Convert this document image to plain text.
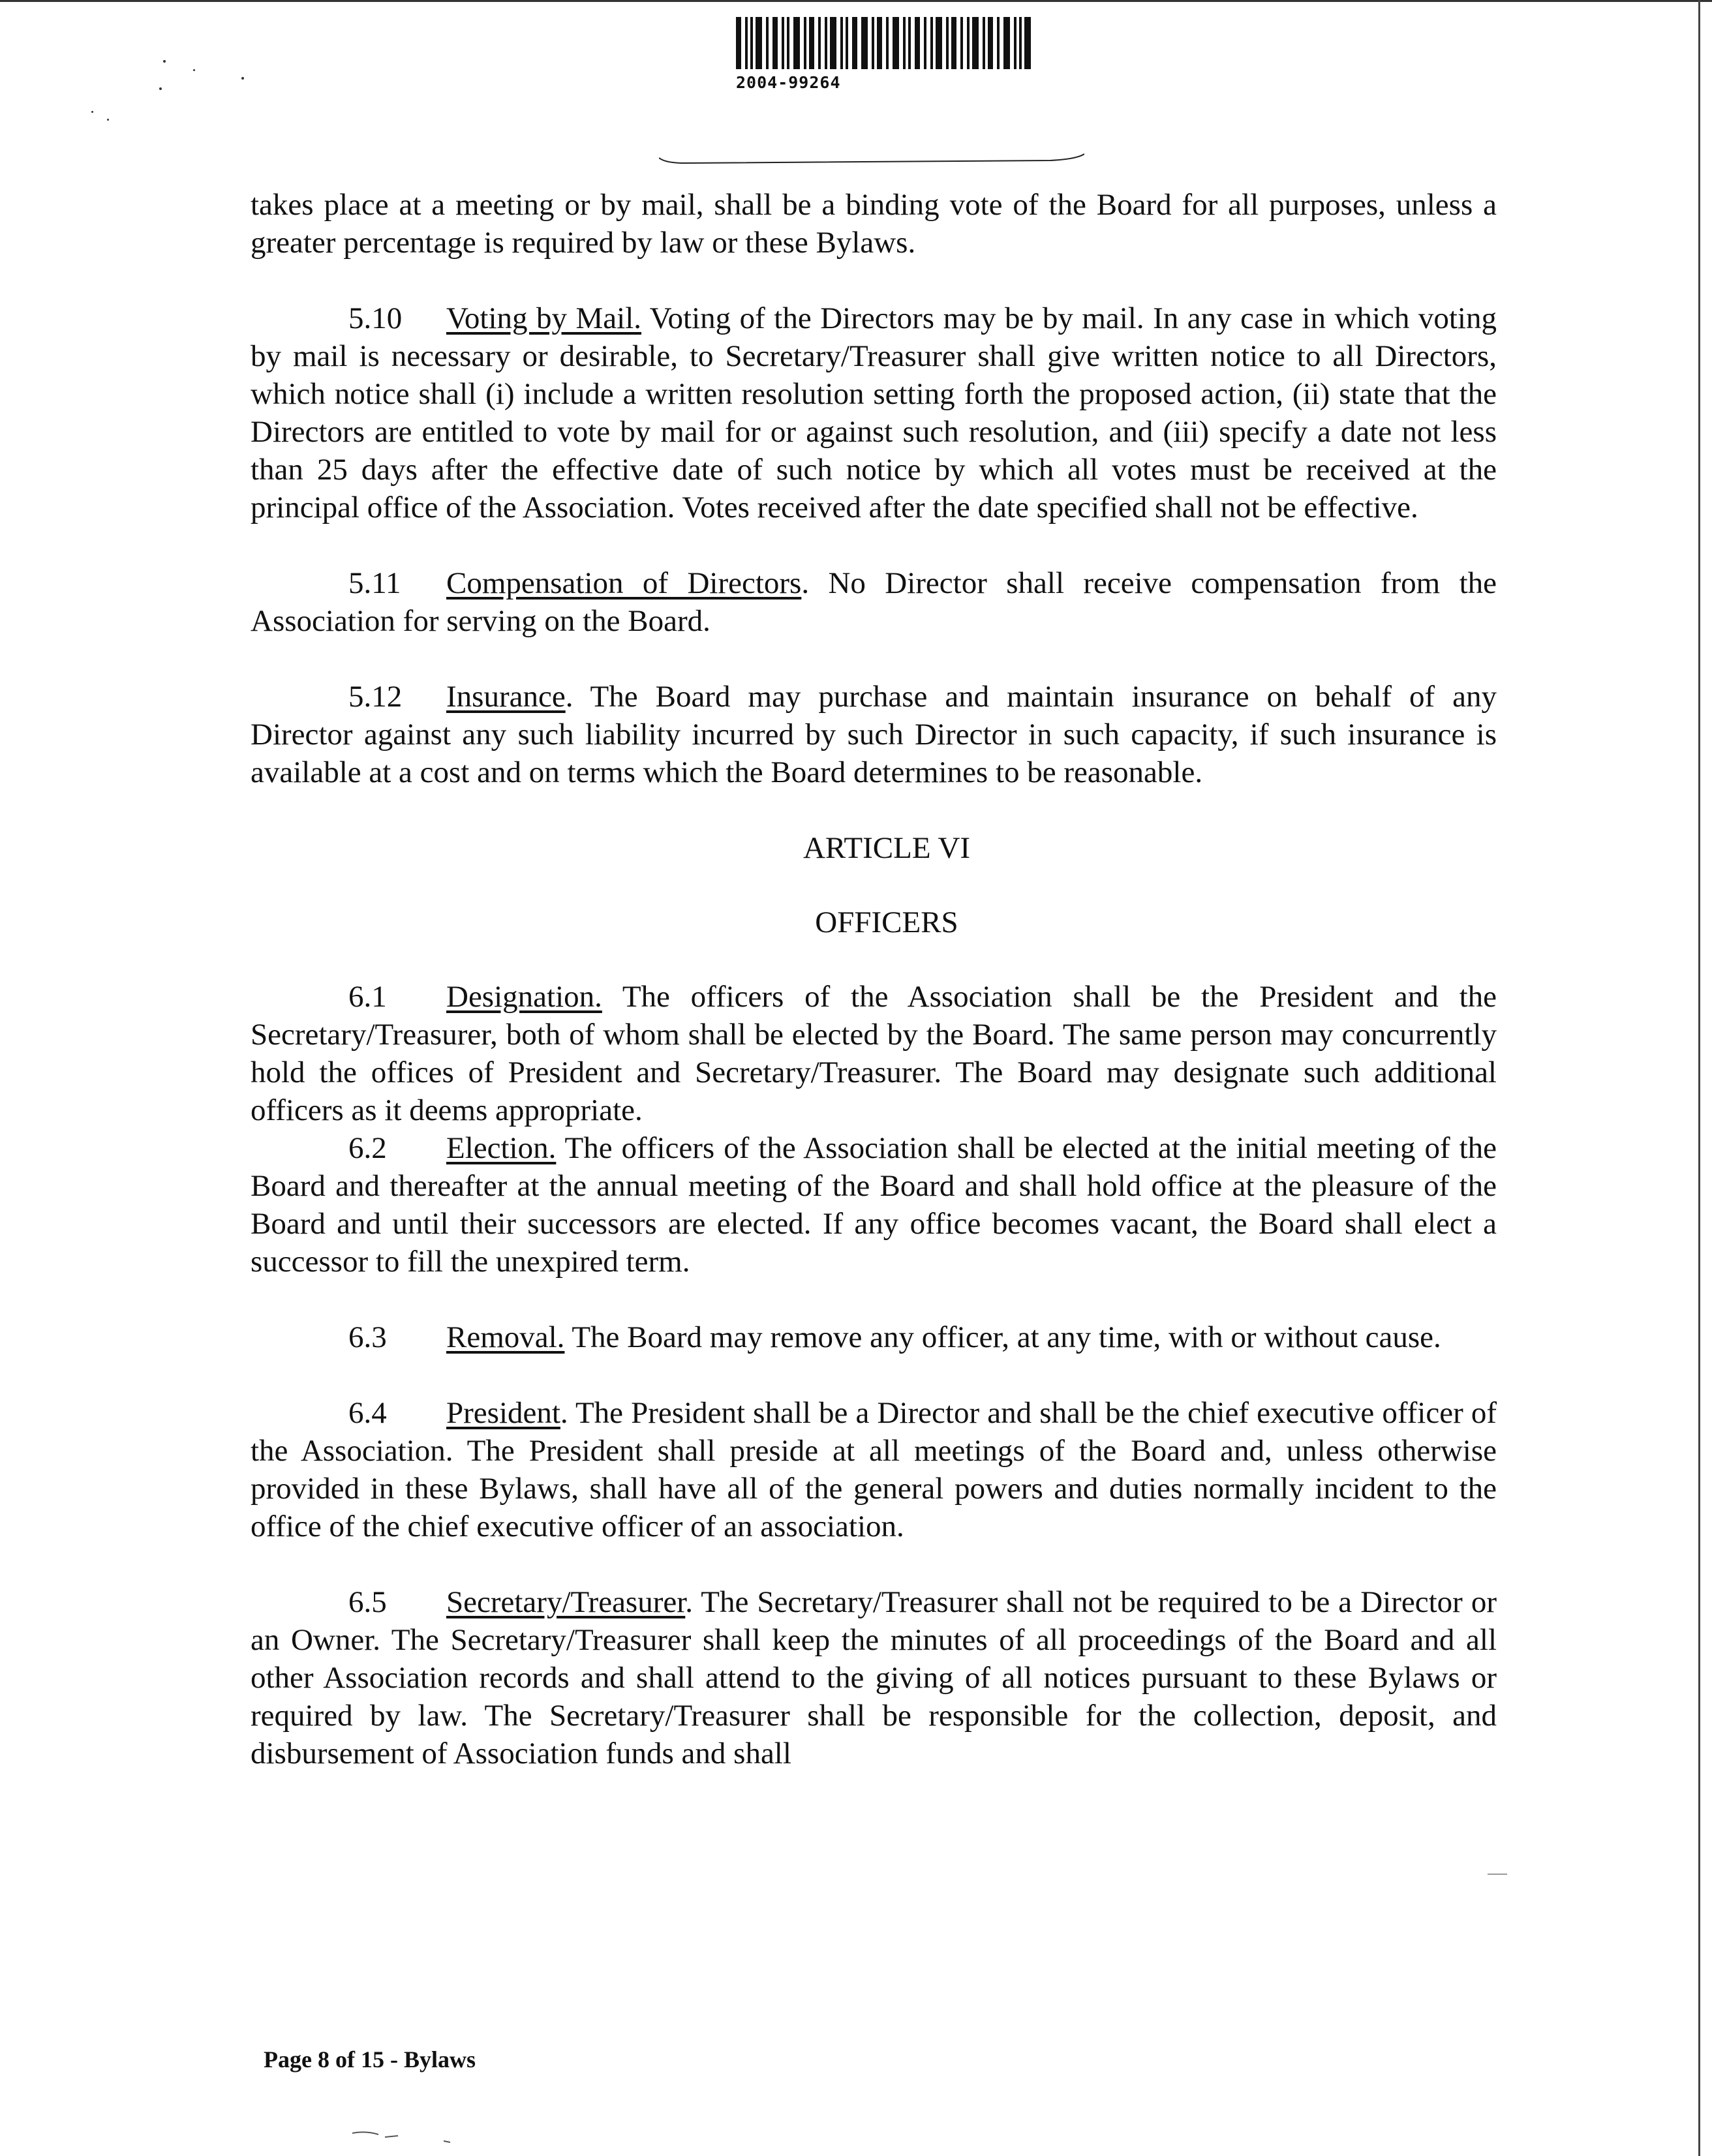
2004-99264

takes place at a meeting or by mail, shall be a binding vote of the Board for all purposes, unless a greater percentage is required by law or these Bylaws.

5.10 Voting by Mail. Voting of the Directors may be by mail. In any case in which voting by mail is necessary or desirable, to Secretary/Treasurer shall give written notice to all Directors, which notice shall (i) include a written resolution setting forth the proposed action, (ii) state that the Directors are entitled to vote by mail for or against such resolution, and (iii) specify a date not less than 25 days after the effective date of such notice by which all votes must be received at the principal office of the Association. Votes received after the date specified shall not be effective.

5.11 Compensation of Directors. No Director shall receive compensation from the Association for serving on the Board.

5.12 Insurance. The Board may purchase and maintain insurance on behalf of any Director against any such liability incurred by such Director in such capacity, if such insurance is available at a cost and on terms which the Board determines to be reasonable.

ARTICLE VI
OFFICERS

6.1 Designation. The officers of the Association shall be the President and the Secretary/Treasurer, both of whom shall be elected by the Board. The same person may concurrently hold the offices of President and Secretary/Treasurer. The Board may designate such additional officers as it deems appropriate.

6.2 Election. The officers of the Association shall be elected at the initial meeting of the Board and thereafter at the annual meeting of the Board and shall hold office at the pleasure of the Board and until their successors are elected. If any office becomes vacant, the Board shall elect a successor to fill the unexpired term.

6.3 Removal. The Board may remove any officer, at any time, with or without cause.

6.4 President. The President shall be a Director and shall be the chief executive officer of the Association. The President shall preside at all meetings of the Board and, unless otherwise provided in these Bylaws, shall have all of the general powers and duties normally incident to the office of the chief executive officer of an association.

6.5 Secretary/Treasurer. The Secretary/Treasurer shall not be required to be a Director or an Owner. The Secretary/Treasurer shall keep the minutes of all proceedings of the Board and all other Association records and shall attend to the giving of all notices pursuant to these Bylaws or required by law. The Secretary/Treasurer shall be responsible for the collection, deposit, and disbursement of Association funds and shall

Page 8 of 15 - Bylaws
